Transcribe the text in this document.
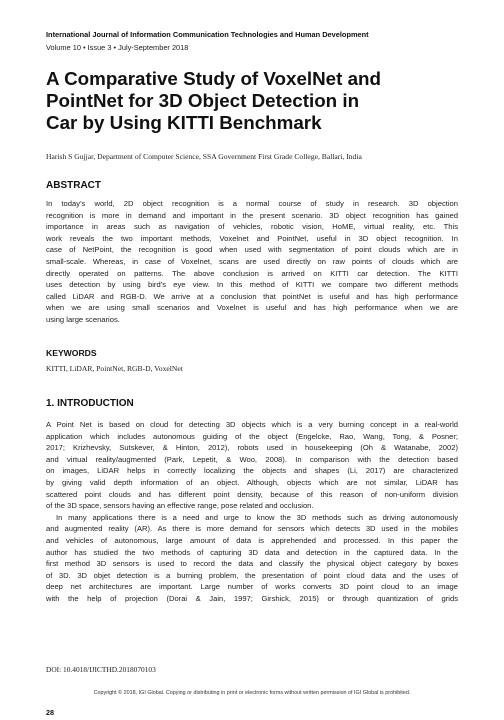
International Journal of Information Communication Technologies and Human Development
Volume 10 • Issue 3 • July-September 2018
A Comparative Study of VoxelNet and
PointNet for 3D Object Detection in
Car by Using KITTI Benchmark
Harish S Gujjar, Department of Computer Science, SSA Government First Grade College, Ballari, India
ABSTRACT
In today’s world, 2D object recognition is a normal course of study in research. 3D objection
recognition is more in demand and important in the present scenario. 3D object recognition has gained
importance in areas such as navigation of vehicles, robotic vision, HoME, virtual reality, etc. This
work reveals the two important methods, Voxelnet and PointNet, useful in 3D object recognition. In
case of NetPoint, the recognition is good when used with segmentation of point clouds which are in
small-scale. Whereas, in case of Voxelnet, scans are used directly on raw points of clouds which are
directly operated on patterns. The above conclusion is arrived on KITTI car detection. The KITTI
uses detection by using bird’s eye view. In this method of KITTI we compare two different methods
called LiDAR and RGB-D. We arrive at a conclusion that pointNet is useful and has high performance
when we are using small scenarios and Voxelnet is useful and has high performance when we are
using large scenarios.
KEYWORDS
KITTI, LiDAR, PointNet, RGB-D, VoxelNet
1. INTRODUCTION
A Point Net is based on cloud for detecting 3D objects which is a very burning concept in a real-world
application which includes autonomous guiding of the object (Engelcke, Rao, Wang, Tong, & Posner;
2017; Krizhevsky, Sutskever, & Hinton, 2012), robots used in housekeeping (Oh & Watanabe, 2002)
and virtual reality/augmented (Park, Lepetit, & Woo, 2008). In comparison with the detection based
on images, LiDAR helps in correctly localizing the objects and shapes (Li, 2017) are characterized
by giving valid depth information of an object. Although, objects which are not similar, LiDAR has
scattered point clouds and has different point density, because of this reason of non-uniform division
of the 3D space, sensors having an effective range, pose related and occlusion.
In many applications there is a need and urge to know the 3D methods such as driving autonomously
and augmented reality (AR). As there is more demand for sensors which detects 3D used in the mobiles
and vehicles of autonomous, large amount of data is apprehended and processed. In this paper the
author has studied the two methods of capturing 3D data and detection in the captured data. In the
first method 3D sensors is used to record the data and classify the physical object category by boxes
of 3D. 3D objet detection is a burning problem, the presentation of point cloud data and the uses of
deep net architectures are important. Large number of works converts 3D point cloud to an image
with the help of projection (Dorai & Jain, 1997; Girshick, 2015) or through quantization of grids
DOI: 10.4018/IJICTHD.2018070103
Copyright © 2018, IGI Global. Copying or distributing in print or electronic forms without written permission of IGI Global is prohibited.
28
